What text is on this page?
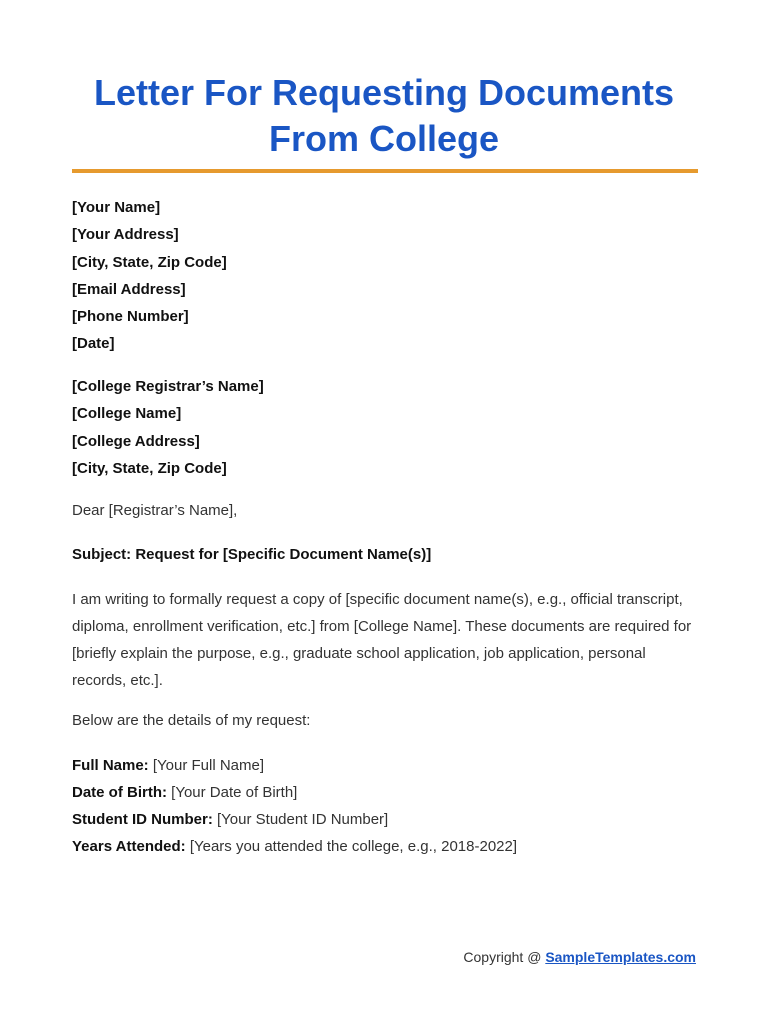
Letter For Requesting Documents
From College
[Your Name]
[Your Address]
[City, State, Zip Code]
[Email Address]
[Phone Number]
[Date]
[College Registrar’s Name]
[College Name]
[College Address]
[City, State, Zip Code]
Dear [Registrar’s Name],
Subject: Request for [Specific Document Name(s)]
I am writing to formally request a copy of [specific document name(s), e.g., official transcript, diploma, enrollment verification, etc.] from [College Name]. These documents are required for [briefly explain the purpose, e.g., graduate school application, job application, personal records, etc.].
Below are the details of my request:
Full Name: [Your Full Name]
Date of Birth: [Your Date of Birth]
Student ID Number: [Your Student ID Number]
Years Attended: [Years you attended the college, e.g., 2018-2022]
Copyright @ SampleTemplates.com
